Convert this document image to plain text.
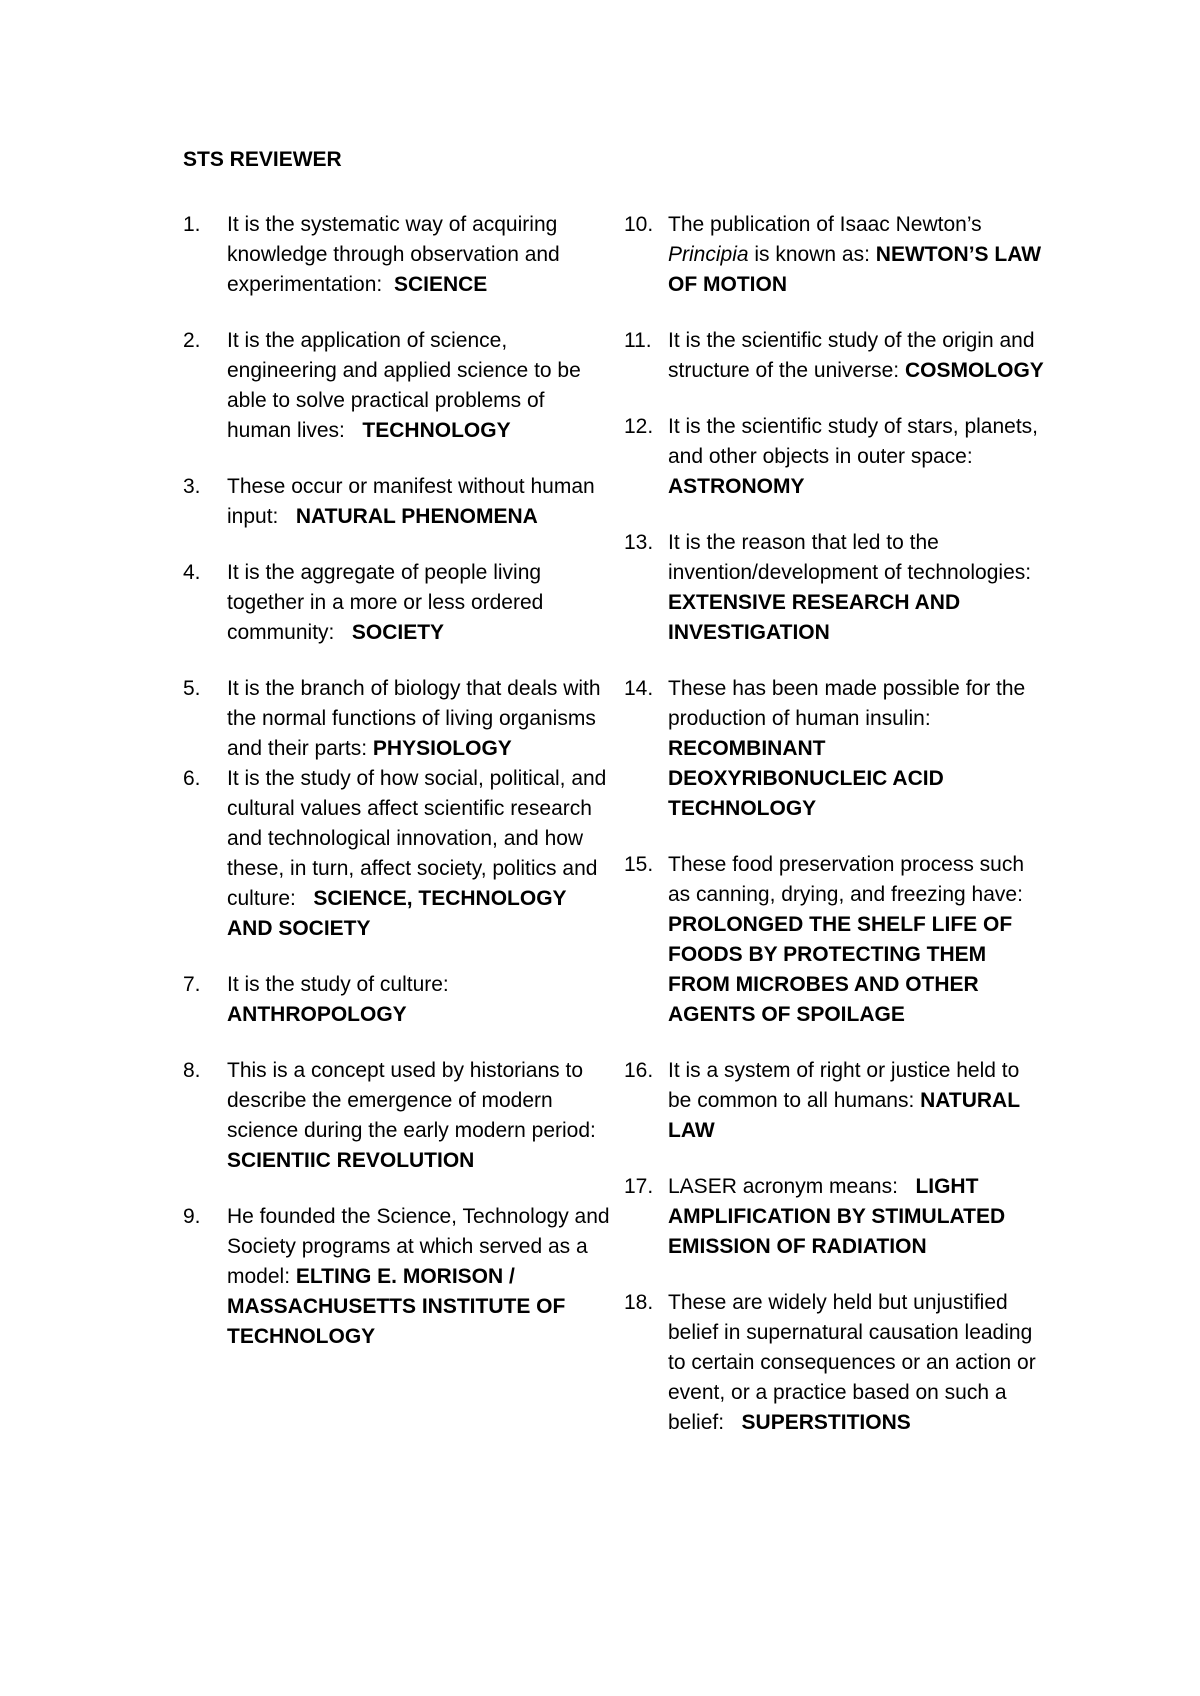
STS REVIEWER
1. It is the systematic way of acquiring knowledge through observation and experimentation:  SCIENCE
2. It is the application of science, engineering and applied science to be able to solve practical problems of human lives:   TECHNOLOGY
3. These occur or manifest without human input:   NATURAL PHENOMENA
4. It is the aggregate of people living together in a more or less ordered community:   SOCIETY
5. It is the branch of biology that deals with the normal functions of living organisms and their parts: PHYSIOLOGY
6. It is the study of how social, political, and cultural values affect scientific research and technological innovation, and how these, in turn, affect society, politics and culture:   SCIENCE, TECHNOLOGY AND SOCIETY
7. It is the study of culture: ANTHROPOLOGY
8. This is a concept used by historians to describe the emergence of modern science during the early modern period:   SCIENTIIC REVOLUTION
9. He founded the Science, Technology and Society programs at which served as a model: ELTING E. MORISON / MASSACHUSETTS INSTITUTE OF TECHNOLOGY
10. The publication of Isaac Newton’s Principia is known as: NEWTON’S LAW OF MOTION
11. It is the scientific study of the origin and structure of the universe: COSMOLOGY
12. It is the scientific study of stars, planets, and other objects in outer space: ASTRONOMY
13. It is the reason that led to the invention/development of technologies:   EXTENSIVE RESEARCH AND INVESTIGATION
14. These has been made possible for the production of human insulin: RECOMBINANT DEOXYRIBONUCLEIC ACID TECHNOLOGY
15. These food preservation process such as canning, drying, and freezing have:   PROLONGED THE SHELF LIFE OF FOODS BY PROTECTING THEM FROM MICROBES AND OTHER AGENTS OF SPOILAGE
16. It is a system of right or justice held to be common to all humans: NATURAL LAW
17. LASER acronym means:   LIGHT AMPLIFICATION BY STIMULATED EMISSION OF RADIATION
18. These are widely held but unjustified belief in supernatural causation leading to certain consequences or an action or event, or a practice based on such a belief:   SUPERSTITIONS
